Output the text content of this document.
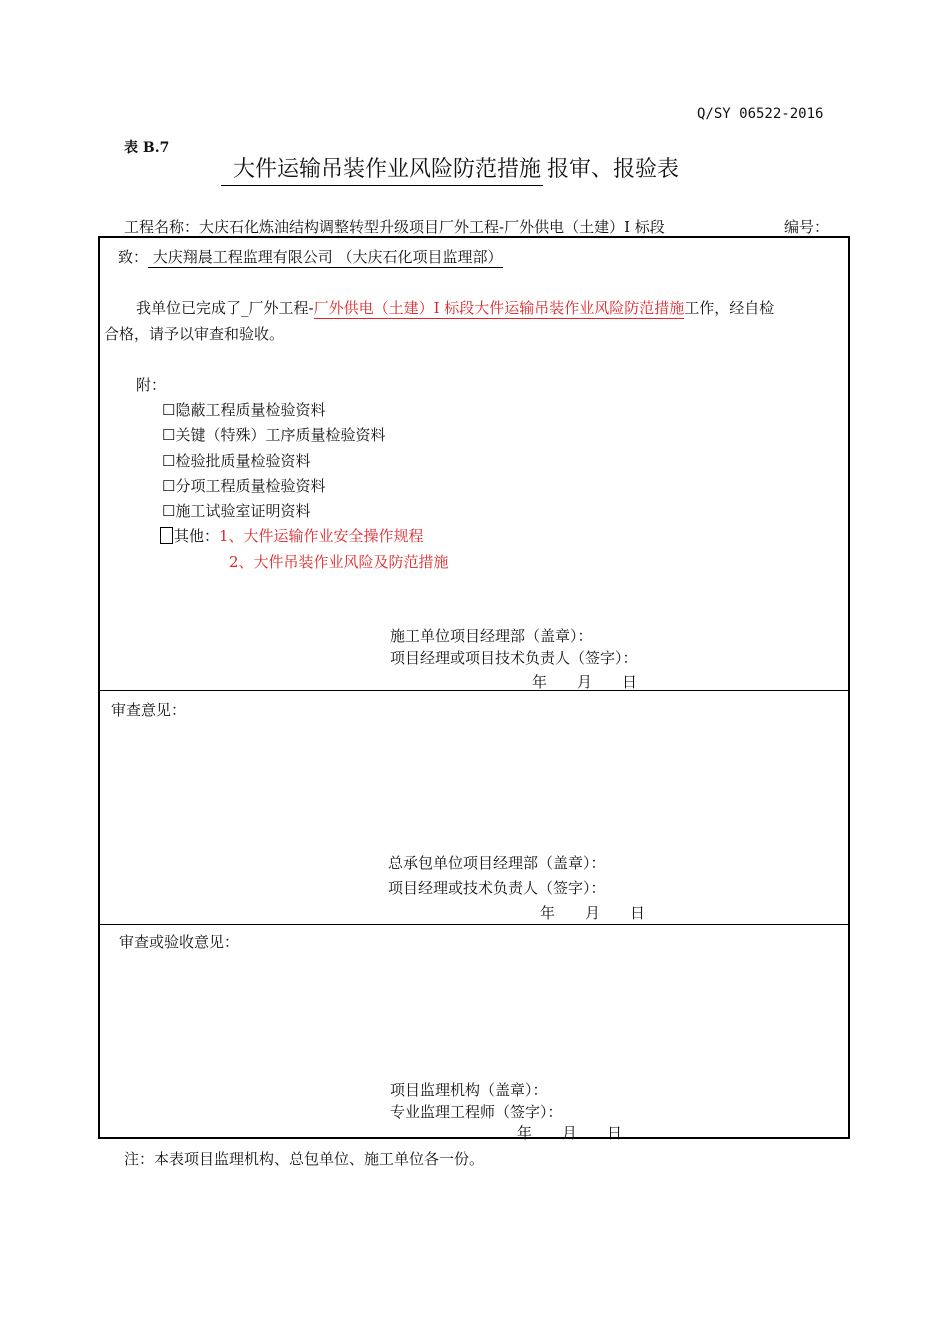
Q/SY 06522-2016
表 B.7
大件运输吊装作业风险防范措施 报审、报验表
工程名称：大庆石化炼油结构调整转型升级项目厂外工程-厂外供电（土建）I 标段	编号：
致： 大庆翔晨工程监理有限公司 （大庆石化项目监理部）
我单位已完成了_厂外工程-厂外供电（土建）I 标段大件运输吊装作业风险防范措施工作，经自检
合格，请予以审查和验收。
附：
☐隐蔽工程质量检验资料
☐关键（特殊）工序质量检验资料
☐检验批质量检验资料
☐分项工程质量检验资料
☐施工试验室证明资料
其他：1、大件运输作业安全操作规程
2、大件吊装作业风险及防范措施
施工单位项目经理部（盖章）：
项目经理或项目技术负责人（签字）：
年　　月　　日
审查意见：
总承包单位项目经理部（盖章）：
项目经理或技术负责人（签字）：
年　　月　　日
审查或验收意见：
项目监理机构（盖章）：
专业监理工程师（签字）：
年　　月　　日
注：本表项目监理机构、总包单位、施工单位各一份。
